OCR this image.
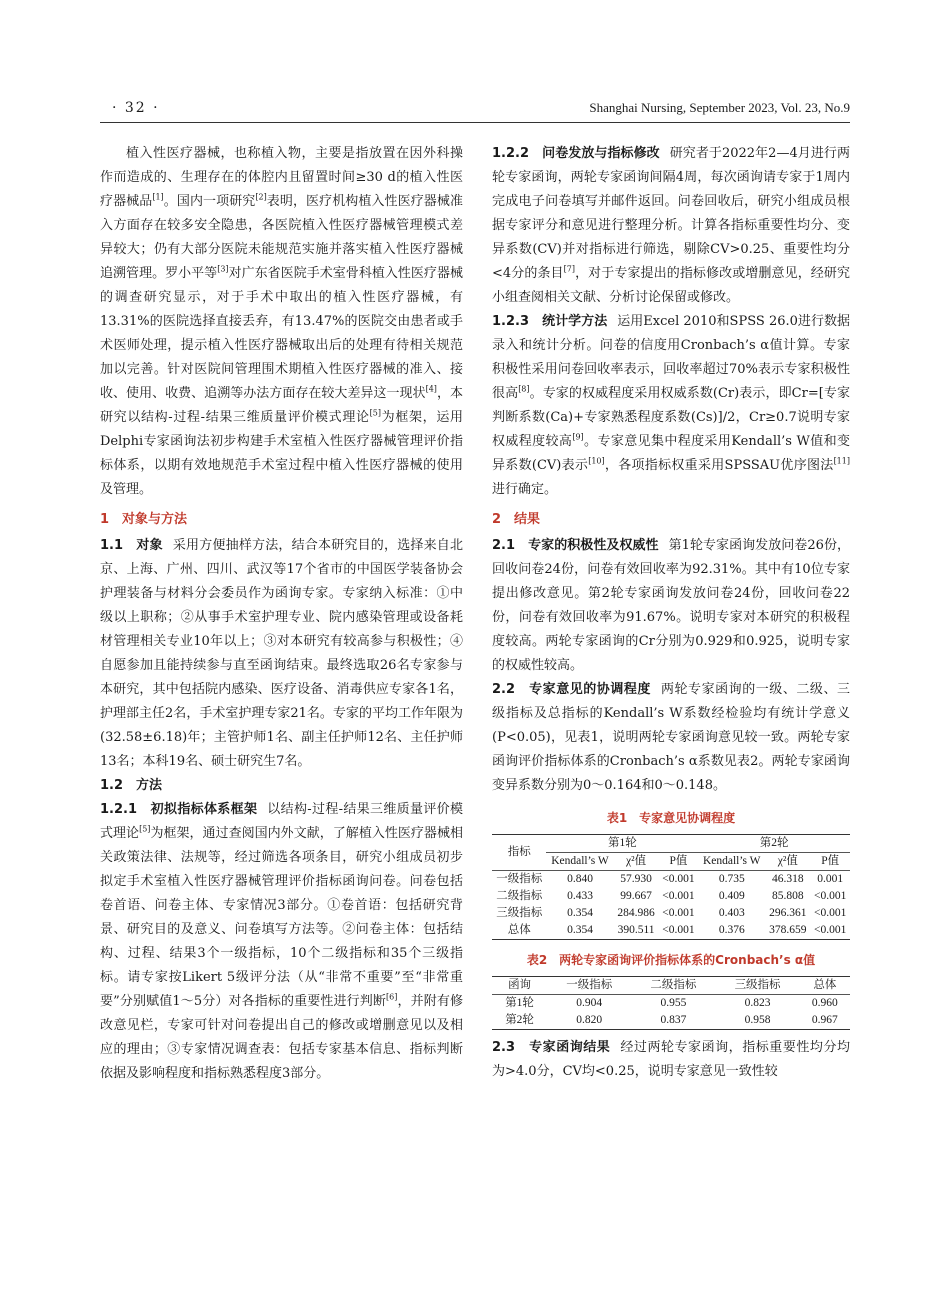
· 32 ·	Shanghai Nursing, September 2023, Vol. 23, No.9

植入性医疗器械，也称植入物，主要是指放置在因外科操作而造成的、生理存在的体腔内且留置时间≥30 d的植入性医疗器械品[1]。国内一项研究[2]表明，医疗机构植入性医疗器械准入方面存在较多安全隐患，各医院植入性医疗器械管理模式差异较大；仍有大部分医院未能规范实施并落实植入性医疗器械追溯管理。罗小平等[3]对广东省医院手术室骨科植入性医疗器械的调查研究显示，对于手术中取出的植入性医疗器械，有13.31%的医院选择直接丢弃，有13.47%的医院交由患者或手术医师处理，提示植入性医疗器械取出后的处理有待相关规范加以完善。针对医院间管理围术期植入性医疗器械的准入、接收、使用、收费、追溯等办法方面存在较大差异这一现状[4]，本研究以结构-过程-结果三维质量评价模式理论[5]为框架，运用Delphi专家函询法初步构建手术室植入性医疗器械管理评价指标体系，以期有效地规范手术室过程中植入性医疗器械的使用及管理。

1　对象与方法

1.1　对象 采用方便抽样方法，结合本研究目的，选择来自北京、上海、广州、四川、武汉等17个省市的中国医学装备协会护理装备与材料分会委员作为函询专家。专家纳入标准：①中级以上职称；②从事手术室护理专业、院内感染管理或设备耗材管理相关专业10年以上；③对本研究有较高参与积极性；④自愿参加且能持续参与直至函询结束。最终选取26名专家参与本研究，其中包括院内感染、医疗设备、消毒供应专家各1名，护理部主任2名，手术室护理专家21名。专家的平均工作年限为(32.58±6.18)年；主管护师1名、副主任护师12名、主任护师13名；本科19名、硕士研究生7名。

1.2　方法

1.2.1　初拟指标体系框架 以结构-过程-结果三维质量评价模式理论[5]为框架，通过查阅国内外文献，了解植入性医疗器械相关政策法律、法规等，经过筛选各项条目，研究小组成员初步拟定手术室植入性医疗器械管理评价指标函询问卷。问卷包括卷首语、问卷主体、专家情况3部分。①卷首语：包括研究背景、研究目的及意义、问卷填写方法等。②问卷主体：包括结构、过程、结果3个一级指标，10个二级指标和35个三级指标。请专家按Likert 5级评分法（从“非常不重要”至“非常重要”分别赋值1～5分）对各指标的重要性进行判断[6]，并附有修改意见栏，专家可针对问卷提出自己的修改或增删意见以及相应的理由；③专家情况调查表：包括专家基本信息、指标判断依据及影响程度和指标熟悉程度3部分。

1.2.2　问卷发放与指标修改 研究者于2022年2—4月进行两轮专家函询，两轮专家函询间隔4周，每次函询请专家于1周内完成电子问卷填写并邮件返回。问卷回收后，研究小组成员根据专家评分和意见进行整理分析。计算各指标重要性均分、变异系数(CV)并对指标进行筛选，剔除CV>0.25、重要性均分<4分的条目[7]，对于专家提出的指标修改或增删意见，经研究小组查阅相关文献、分析讨论保留或修改。

1.2.3　统计学方法 运用Excel 2010和SPSS 26.0进行数据录入和统计分析。问卷的信度用Cronbach’s α值计算。专家积极性采用问卷回收率表示，回收率超过70%表示专家积极性很高[8]。专家的权威程度采用权威系数(Cr)表示，即Cr=[专家判断系数(Ca)+专家熟悉程度系数(Cs)]/2，Cr≥0.7说明专家权威程度较高[9]。专家意见集中程度采用Kendall’s W值和变异系数(CV)表示[10]，各项指标权重采用SPSSAU优序图法[11]进行确定。

2　结果

2.1　专家的积极性及权威性 第1轮专家函询发放问卷26份，回收问卷24份，问卷有效回收率为92.31%。其中有10位专家提出修改意见。第2轮专家函询发放问卷24份，回收问卷22份，问卷有效回收率为91.67%。说明专家对本研究的积极程度较高。两轮专家函询的Cr分别为0.929和0.925，说明专家的权威性较高。

2.2　专家意见的协调程度 两轮专家函询的一级、二级、三级指标及总指标的Kendall’s W系数经检验均有统计学意义(P<0.05)，见表1，说明两轮专家函询意见较一致。两轮专家函询评价指标体系的Cronbach’s α系数见表2。两轮专家函询变异系数分别为0～0.164和0～0.148。

表1　专家意见协调程度
指标	第1轮			第2轮		
	Kendall’s W	χ²值	P值	Kendall’s W	χ²值	P值
一级指标	0.840	57.930	<0.001	0.735	46.318	0.001
二级指标	0.433	99.667	<0.001	0.409	85.808	<0.001
三级指标	0.354	284.986	<0.001	0.403	296.361	<0.001
总体	0.354	390.511	<0.001	0.376	378.659	<0.001
表2　两轮专家函询评价指标体系的Cronbach’s α值
函询	一级指标	二级指标	三级指标	总体
第1轮	0.904	0.955	0.823	0.960
第2轮	0.820	0.837	0.958	0.967

2.3　专家函询结果 经过两轮专家函询，指标重要性均分均为>4.0分，CV均<0.25，说明专家意见一致性较
